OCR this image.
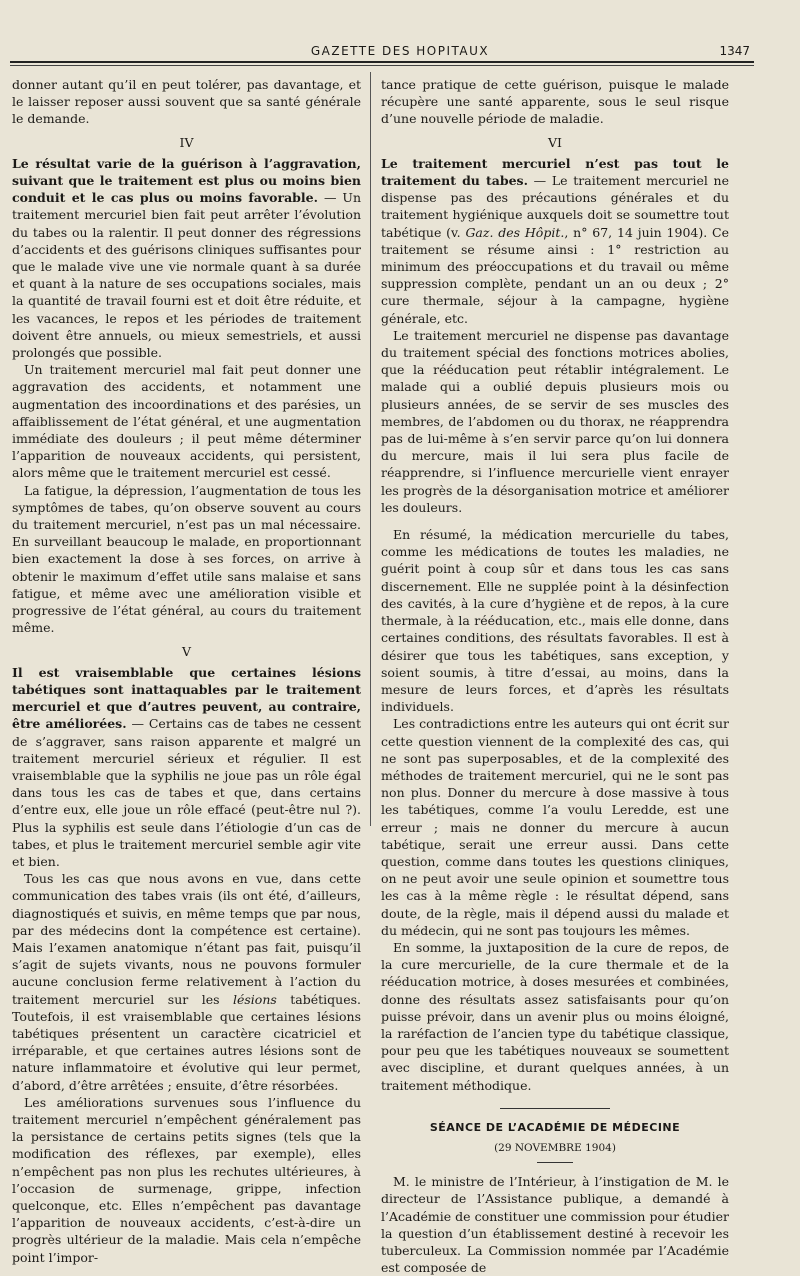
GAZETTE DES HOPITAUX	1347

donner autant qu’il en peut tolérer, pas davantage, et le laisser reposer aussi souvent que sa santé générale le demande.

IV

Le résultat varie de la guérison à l’aggravation, suivant que le traitement est plus ou moins bien conduit et le cas plus ou moins favorable. — Un traitement mercuriel bien fait peut arrêter l’évolution du tabes ou la ralentir. Il peut donner des régressions d’accidents et des guérisons cliniques suffisantes pour que le malade vive une vie normale quant à sa durée et quant à la nature de ses occupations sociales, mais la quantité de travail fourni est et doit être réduite, et les vacances, le repos et les périodes de traitement doivent être annuels, ou mieux semestriels, et aussi prolongés que possible.

Un traitement mercuriel mal fait peut donner une aggravation des accidents, et notamment une augmentation des incoordinations et des parésies, un affaiblissement de l’état général, et une augmentation immédiate des douleurs ; il peut même déterminer l’apparition de nouveaux accidents, qui persistent, alors même que le traitement mercuriel est cessé.

La fatigue, la dépression, l’augmentation de tous les symptômes de tabes, qu’on observe souvent au cours du traitement mercuriel, n’est pas un mal nécessaire. En surveillant beaucoup le malade, en proportionnant bien exactement la dose à ses forces, on arrive à obtenir le maximum d’effet utile sans malaise et sans fatigue, et même avec une amélioration visible et progressive de l’état général, au cours du traitement même.

V

Il est vraisemblable que certaines lésions tabétiques sont inattaquables par le traitement mercuriel et que d’autres peuvent, au contraire, être améliorées. — Certains cas de tabes ne cessent de s’aggraver, sans raison apparente et malgré un traitement mercuriel sérieux et régulier. Il est vraisemblable que la syphilis ne joue pas un rôle égal dans tous les cas de tabes et que, dans certains d’entre eux, elle joue un rôle effacé (peut-être nul ?). Plus la syphilis est seule dans l’étiologie d’un cas de tabes, et plus le traitement mercuriel semble agir vite et bien.

Tous les cas que nous avons en vue, dans cette communication des tabes vrais (ils ont été, d’ailleurs, diagnostiqués et suivis, en même temps que par nous, par des médecins dont la compétence est certaine). Mais l’examen anatomique n’étant pas fait, puisqu’il s’agit de sujets vivants, nous ne pouvons formuler aucune conclusion ferme relativement à l’action du traitement mercuriel sur les lésions tabétiques. Toutefois, il est vraisemblable que certaines lésions tabétiques présentent un caractère cicatriciel et irréparable, et que certaines autres lésions sont de nature inflammatoire et évolutive qui leur permet, d’abord, d’être arrêtées ; ensuite, d’être résorbées.

Les améliorations survenues sous l’influence du traitement mercuriel n’empêchent généralement pas la persistance de certains petits signes (tels que la modification des réflexes, par exemple), elles n’empêchent pas non plus les rechutes ultérieures, à l’occasion de surmenage, grippe, infection quelconque, etc. Elles n’empêchent pas davantage l’apparition de nouveaux accidents, c’est-à-dire un progrès ultérieur de la maladie. Mais cela n’empêche point l’impor-

tance pratique de cette guérison, puisque le malade récupère une santé apparente, sous le seul risque d’une nouvelle période de maladie.

VI

Le traitement mercuriel n’est pas tout le traitement du tabes. — Le traitement mercuriel ne dispense pas des précautions générales et du traitement hygiénique auxquels doit se soumettre tout tabétique (v. Gaz. des Hôpit., n° 67, 14 juin 1904). Ce traitement se résume ainsi : 1° restriction au minimum des préoccupations et du travail ou même suppression complète, pendant un an ou deux ; 2° cure thermale, séjour à la campagne, hygiène générale, etc.

Le traitement mercuriel ne dispense pas davantage du traitement spécial des fonctions motrices abolies, que la rééducation peut rétablir intégralement. Le malade qui a oublié depuis plusieurs mois ou plusieurs années, de se servir de ses muscles des membres, de l’abdomen ou du thorax, ne réapprendra pas de lui-même à s’en servir parce qu’on lui donnera du mercure, mais il lui sera plus facile de réapprendre, si l’influence mercurielle vient enrayer les progrès de la désorganisation motrice et améliorer les douleurs.

En résumé, la médication mercurielle du tabes, comme les médications de toutes les maladies, ne guérit point à coup sûr et dans tous les cas sans discernement. Elle ne supplée point à la désinfection des cavités, à la cure d’hygiène et de repos, à la cure thermale, à la rééducation, etc., mais elle donne, dans certaines conditions, des résultats favorables. Il est à désirer que tous les tabétiques, sans exception, y soient soumis, à titre d’essai, au moins, dans la mesure de leurs forces, et d’après les résultats individuels.

Les contradictions entre les auteurs qui ont écrit sur cette question viennent de la complexité des cas, qui ne sont pas superposables, et de la complexité des méthodes de traitement mercuriel, qui ne le sont pas non plus. Donner du mercure à dose massive à tous les tabétiques, comme l’a voulu Leredde, est une erreur ; mais ne donner du mercure à aucun tabétique, serait une erreur aussi. Dans cette question, comme dans toutes les questions cliniques, on ne peut avoir une seule opinion et soumettre tous les cas à la même règle : le résultat dépend, sans doute, de la règle, mais il dépend aussi du malade et du médecin, qui ne sont pas toujours les mêmes.

En somme, la juxtaposition de la cure de repos, de la cure mercurielle, de la cure thermale et de la rééducation motrice, à doses mesurées et combinées, donne des résultats assez satisfaisants pour qu’on puisse prévoir, dans un avenir plus ou moins éloigné, la raréfaction de l’ancien type du tabétique classique, pour peu que les tabétiques nouveaux se soumettent avec discipline, et durant quelques années, à un traitement méthodique.

SÉANCE DE L’ACADÉMIE DE MÉDECINE
(29 NOVEMBRE 1904)

M. le ministre de l’Intérieur, à l’instigation de M. le directeur de l’Assistance publique, a demandé à l’Académie de constituer une commission pour étudier la question d’un établissement destiné à recevoir les tuberculeux. La Commission nommée par l’Académie est composée de
